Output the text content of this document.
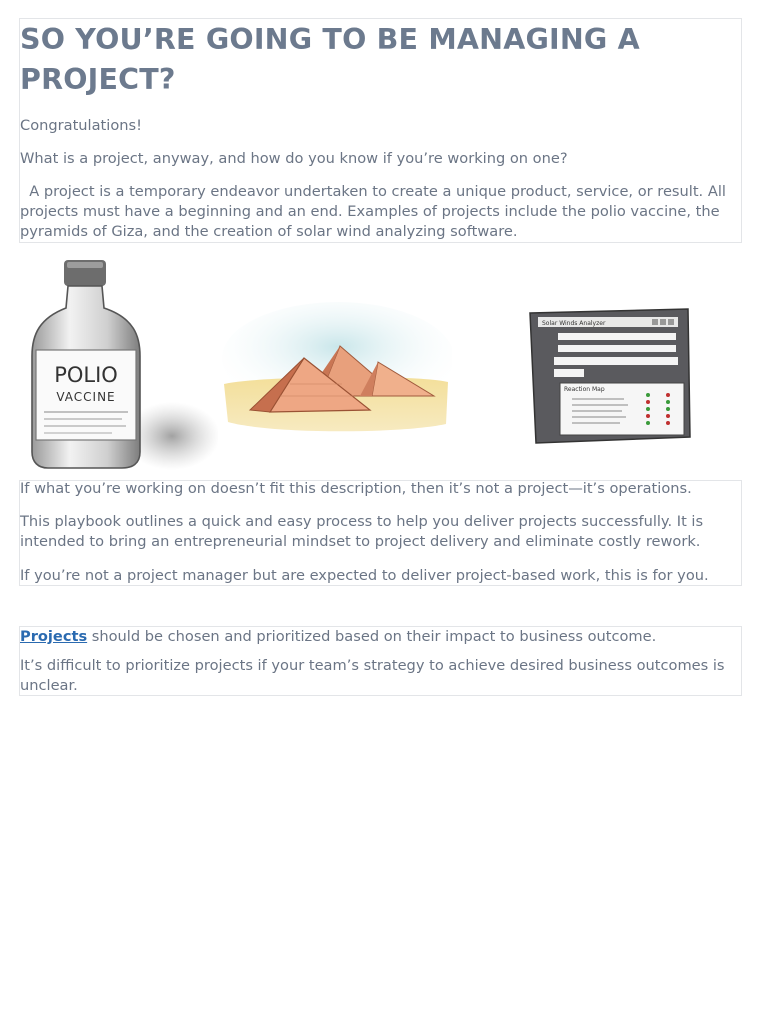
SO YOU’RE GOING TO BE MANAGING A PROJECT?

Congratulations!

What is a project, anyway, and how do you know if you’re working on one?

A project is a temporary endeavor undertaken to create a unique product, service, or result. All projects must have a beginning and an end. Examples of projects include the polio vaccine, the pyramids of Giza, and the creation of solar wind analyzing software.

POLIO
VACCINE
Solar Winds Analyzer
Reaction Map

If what you’re working on doesn’t fit this description, then it’s not a project—it’s operations.

This playbook outlines a quick and easy process to help you deliver projects successfully. It is intended to bring an entrepreneurial mindset to project delivery and eliminate costly rework.

If you’re not a project manager but are expected to deliver project-based work, this is for you.

Projects should be chosen and prioritized based on their impact to business outcome.

It’s difficult to prioritize projects if your team’s strategy to achieve desired business outcomes is unclear.
